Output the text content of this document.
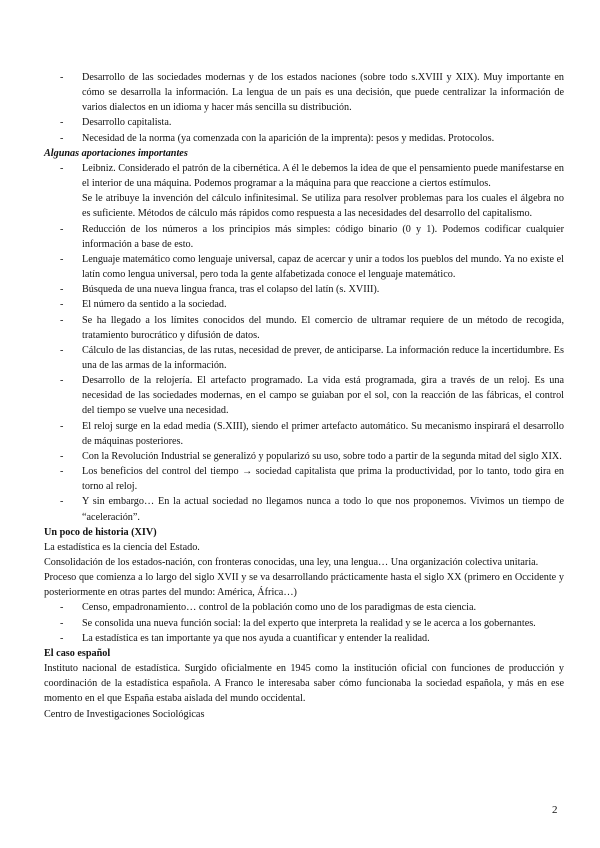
- Desarrollo de las sociedades modernas y de los estados naciones (sobre todo s.XVIII y XIX). Muy importante en cómo se desarrolla la información. La lengua de un país es una decisión, que puede centralizar la información de varios dialectos en un idioma y hacer más sencilla su distribución.
- Desarrollo capitalista.
- Necesidad de la norma (ya comenzada con la aparición de la imprenta): pesos y medidas. Protocolos.

Algunas aportaciones importantes

- Leibniz. Considerado el patrón de la cibernética. A él le debemos la idea de que el pensamiento puede manifestarse en el interior de una máquina. Podemos programar a la máquina para que reaccione a ciertos estímulos.
Se le atribuye la invención del cálculo infinitesimal. Se utiliza para resolver problemas para los cuales el álgebra no es suficiente. Métodos de cálculo más rápidos como respuesta a las necesidades del desarrollo del capitalismo.
- Reducción de los números a los principios más simples: código binario (0 y 1). Podemos codificar cualquier información a base de esto.
- Lenguaje matemático como lenguaje universal, capaz de acercar y unir a todos los pueblos del mundo. Ya no existe el latín como lengua universal, pero toda la gente alfabetizada conoce el lenguaje matemático.
- Búsqueda de una nueva lingua franca, tras el colapso del latín (s. XVIII).
- El número da sentido a la sociedad.
- Se ha llegado a los límites conocidos del mundo. El comercio de ultramar requiere de un método de recogida, tratamiento burocrático y difusión de datos.
- Cálculo de las distancias, de las rutas, necesidad de prever, de anticiparse. La información reduce la incertidumbre. Es una de las armas de la información.
- Desarrollo de la relojería. El artefacto programado. La vida está programada, gira a través de un reloj. Es una necesidad de las sociedades modernas, en el campo se guiaban por el sol, con la reacción de las fábricas, el control del tiempo se vuelve una necesidad.
- El reloj surge en la edad media (S.XIII), siendo el primer artefacto automático. Su mecanismo inspirará el desarrollo de máquinas posteriores.
- Con la Revolución Industrial se generalizó y popularizó su uso, sobre todo a partir de la segunda mitad del siglo XIX.
- Los beneficios del control del tiempo → sociedad capitalista que prima la productividad, por lo tanto, todo gira en torno al reloj.
- Y sin embargo… En la actual sociedad no llegamos nunca a todo lo que nos proponemos. Vivimos un tiempo de “aceleración”.

Un poco de historia (XIV)

La estadística es la ciencia del Estado.

Consolidación de los estados-nación, con fronteras conocidas, una ley, una lengua… Una organización colectiva unitaria.

Proceso que comienza a lo largo del siglo XVII y se va desarrollando prácticamente hasta el siglo XX (primero en Occidente y posteriormente en otras partes del mundo: América, África…)

- Censo, empadronamiento… control de la población como uno de los paradigmas de esta ciencia.
- Se consolida una nueva función social: la del experto que interpreta la realidad y se le acerca a los gobernantes.
- La estadística es tan importante ya que nos ayuda a cuantificar y entender la realidad.

El caso español

Instituto nacional de estadística. Surgido oficialmente en 1945 como la institución oficial con funciones de producción y coordinación de la estadística española. A Franco le interesaba saber cómo funcionaba la sociedad española, y más en ese momento en el que España estaba aislada del mundo occidental.

Centro de Investigaciones Sociológicas

2
